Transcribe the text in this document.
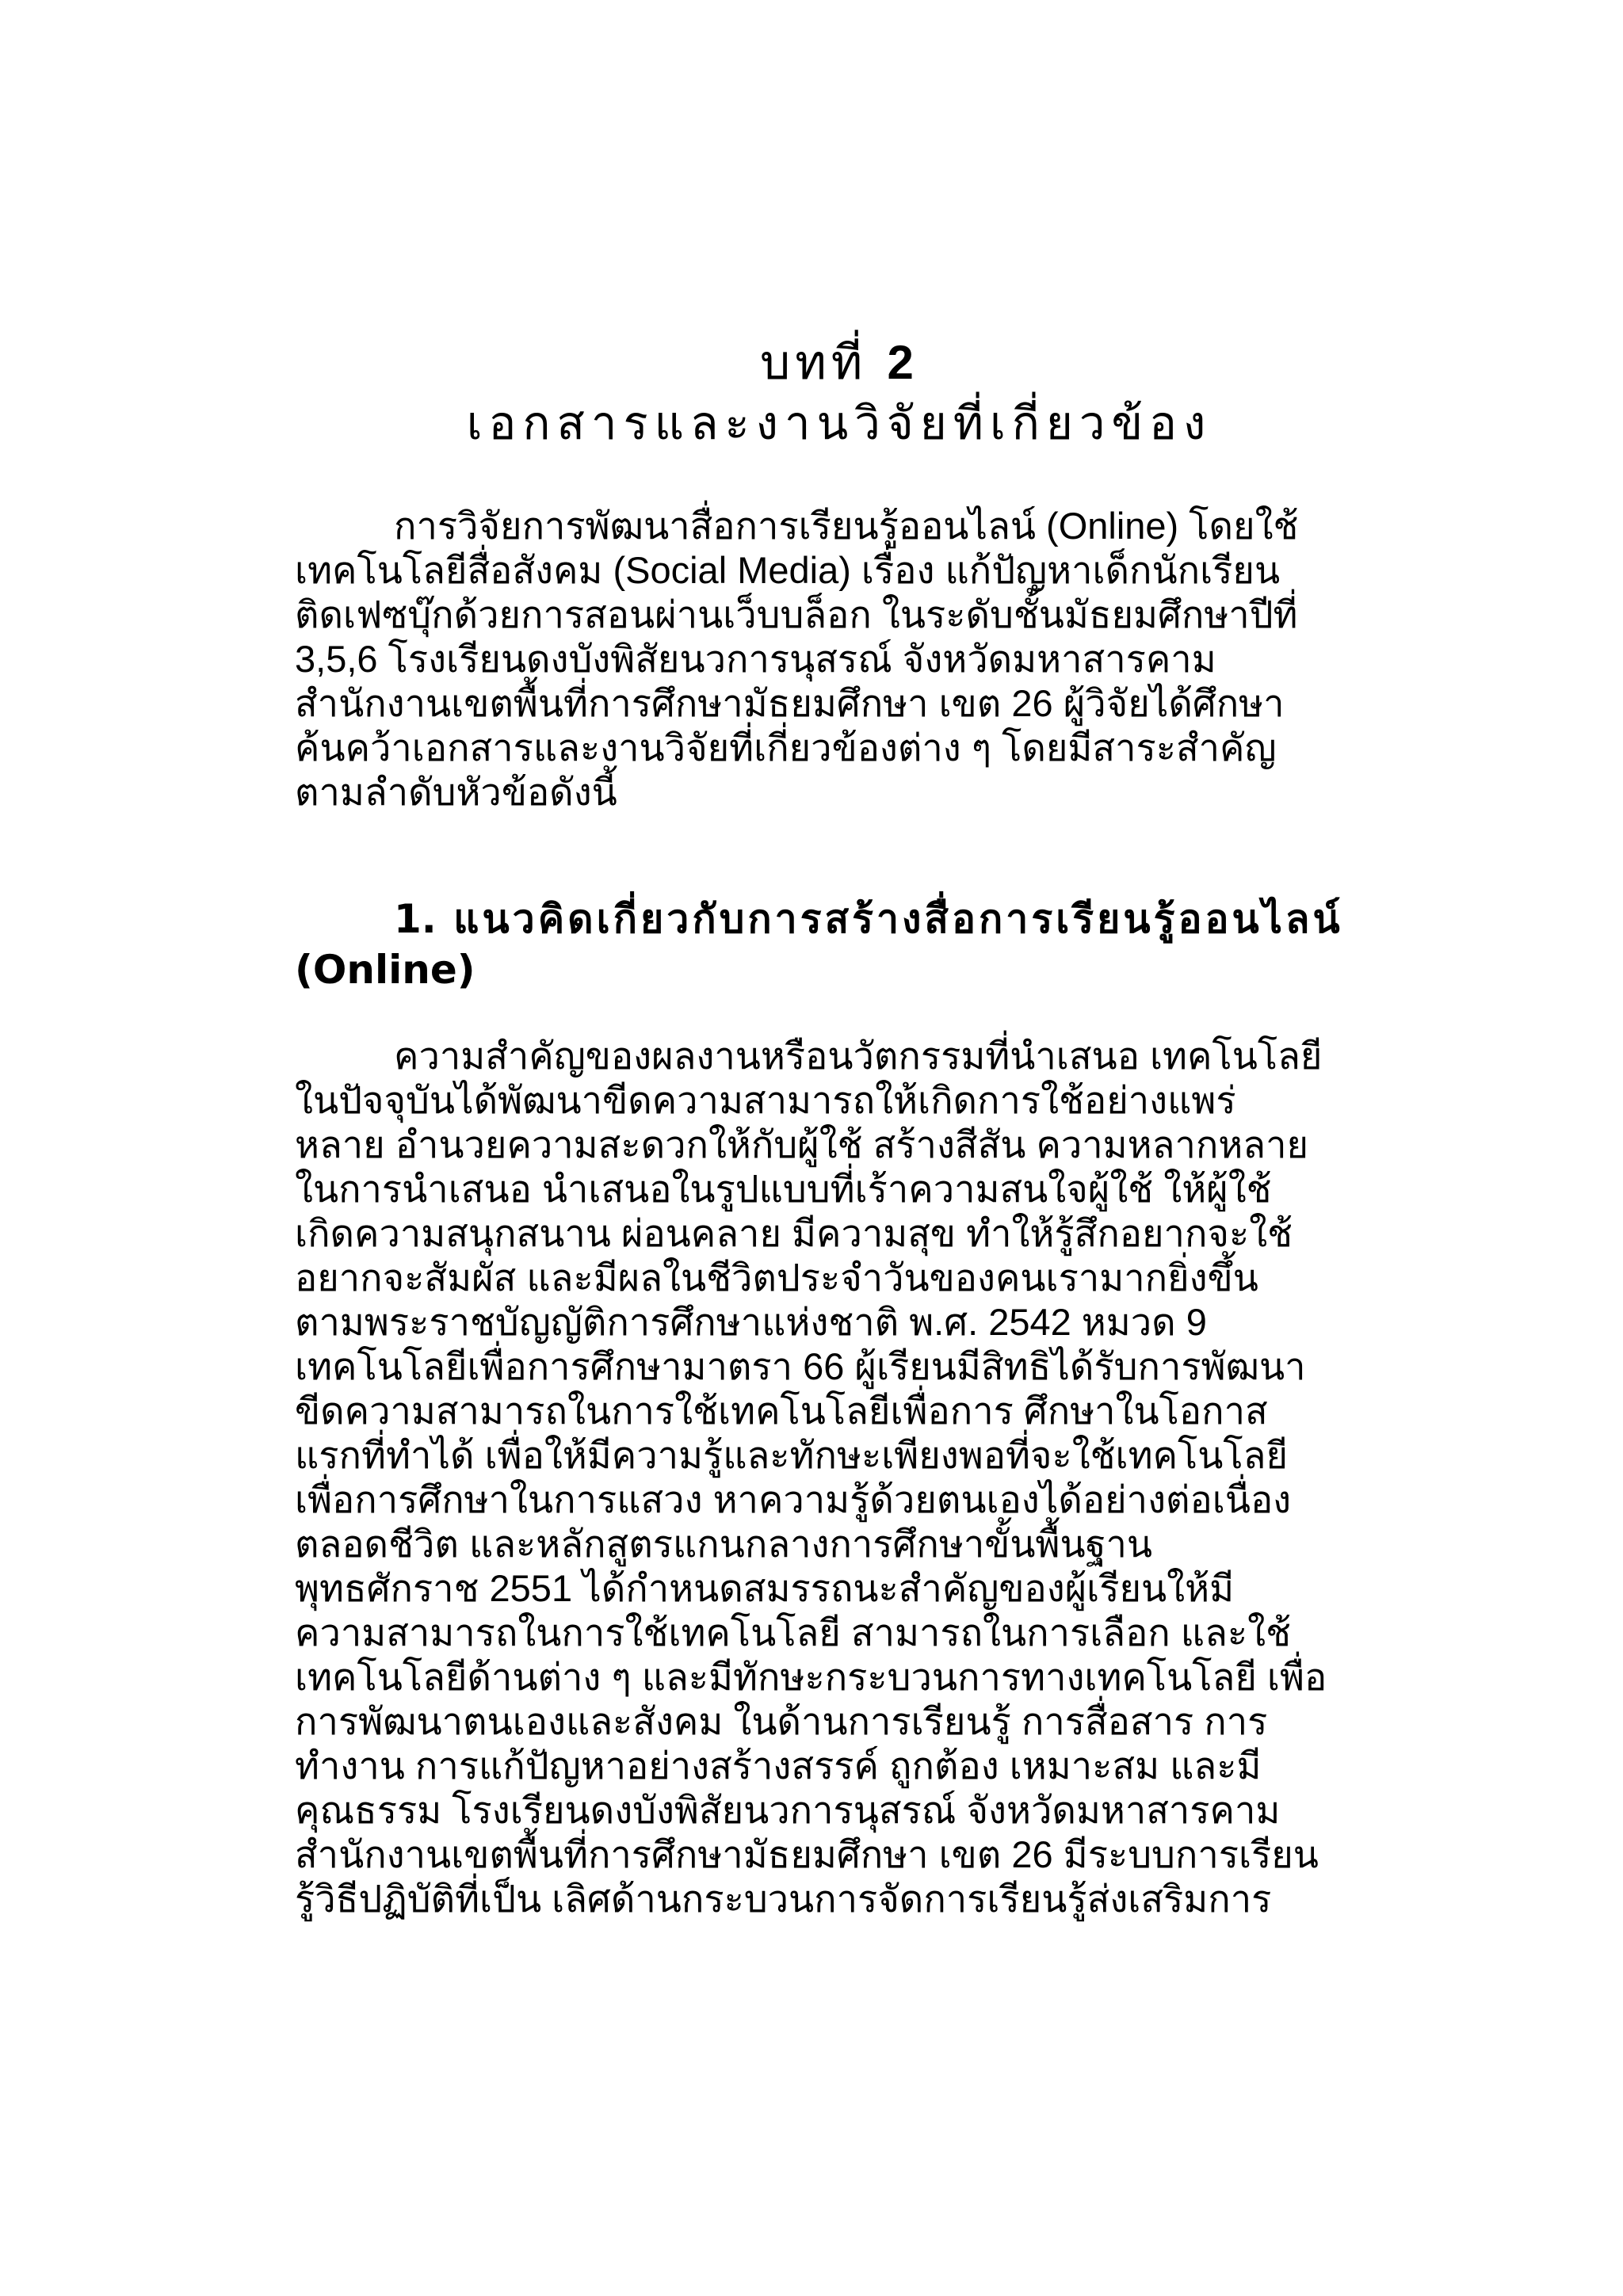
บทที่ 2

เอกสารและงานวิจัยที่เกี่ยวข้อง

การวิจัยการพัฒนาสื่อการเรียนรู้ออนไลน์ (Online) โดยใช้
เทคโนโลยีสื่อสังคม (Social Media) เรื่อง แก้ปัญหาเด็กนักเรียน
ติดเฟซบุ๊กด้วยการสอนผ่านเว็บบล็อก ในระดับชั้นมัธยมศึกษาปีที่
3,5,6 โรงเรียนดงบังพิสัยนวการนุสรณ์ จังหวัดมหาสารคาม
สำนักงานเขตพื้นที่การศึกษามัธยมศึกษา เขต 26 ผู้วิจัยได้ศึกษา
ค้นคว้าเอกสารและงานวิจัยที่เกี่ยวข้องต่าง ๆ โดยมีสาระสำคัญ
ตามลำดับหัวข้อดังนี้

1. แนวคิดเกี่ยวกับการสร้างสื่อการเรียนรู้ออนไลน์
(Online)

ความสำคัญของผลงานหรือนวัตกรรมที่นำเสนอ เทคโนโลยี
ในปัจจุบันได้พัฒนาขีดความสามารถให้เกิดการใช้อย่างแพร่
หลาย อำนวยความสะดวกให้กับผู้ใช้ สร้างสีสัน ความหลากหลาย
ในการนำเสนอ นำเสนอในรูปแบบที่เร้าความสนใจผู้ใช้ ให้ผู้ใช้
เกิดความสนุกสนาน ผ่อนคลาย มีความสุข ทำให้รู้สึกอยากจะใช้
อยากจะสัมผัส และมีผลในชีวิตประจำวันของคนเรามากยิ่งขึ้น
ตามพระราชบัญญัติการศึกษาแห่งชาติ พ.ศ. 2542 หมวด 9
เทคโนโลยีเพื่อการศึกษามาตรา 66 ผู้เรียนมีสิทธิได้รับการพัฒนา
ขีดความสามารถในการใช้เทคโนโลยีเพื่อการ ศึกษาในโอกาส
แรกที่ทำได้ เพื่อให้มีความรู้และทักษะเพียงพอที่จะใช้เทคโนโลยี
เพื่อการศึกษาในการแสวง หาความรู้ด้วยตนเองได้อย่างต่อเนื่อง
ตลอดชีวิต และหลักสูตรแกนกลางการศึกษาขั้นพื้นฐาน
พุทธศักราช 2551 ได้กำหนดสมรรถนะสำคัญของผู้เรียนให้มี
ความสามารถในการใช้เทคโนโลยี สามารถในการเลือก และใช้
เทคโนโลยีด้านต่าง ๆ และมีทักษะกระบวนการทางเทคโนโลยี เพื่อ
การพัฒนาตนเองและสังคม ในด้านการเรียนรู้ การสื่อสาร การ
ทำงาน การแก้ปัญหาอย่างสร้างสรรค์ ถูกต้อง เหมาะสม และมี
คุณธรรม โรงเรียนดงบังพิสัยนวการนุสรณ์ จังหวัดมหาสารคาม
สำนักงานเขตพื้นที่การศึกษามัธยมศึกษา เขต 26 มีระบบการเรียน
รู้วิธีปฏิบัติที่เป็น เลิศด้านกระบวนการจัดการเรียนรู้ส่งเสริมการ
